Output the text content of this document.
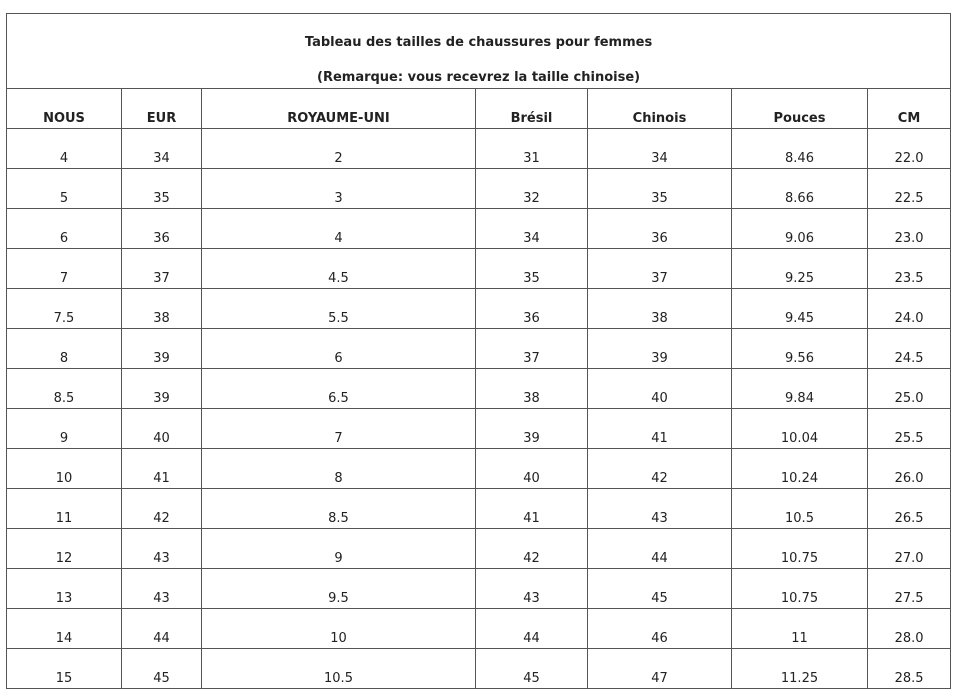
Tableau des tailles de chaussures pour femmes
(Remarque: vous recevrez la taille chinoise)						

NOUS	EUR	ROYAUME-UNI	Brésil	Chinois	Pouces	CM
4	34	2	31	34	8.46	22.0
5	35	3	32	35	8.66	22.5
6	36	4	34	36	9.06	23.0
7	37	4.5	35	37	9.25	23.5
7.5	38	5.5	36	38	9.45	24.0
8	39	6	37	39	9.56	24.5
8.5	39	6.5	38	40	9.84	25.0
9	40	7	39	41	10.04	25.5
10	41	8	40	42	10.24	26.0
11	42	8.5	41	43	10.5	26.5
12	43	9	42	44	10.75	27.0
13	43	9.5	43	45	10.75	27.5
14	44	10	44	46	11	28.0
15	45	10.5	45	47	11.25	28.5
